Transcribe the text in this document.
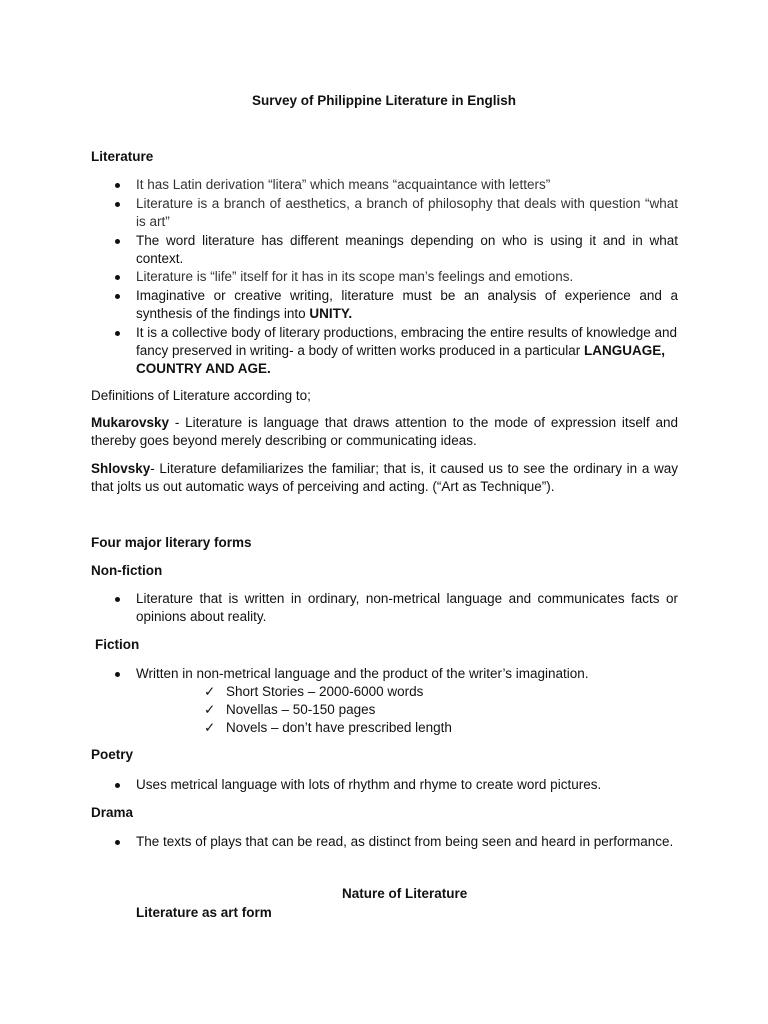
Survey of Philippine Literature in English
Literature
It has Latin derivation “litera” which means “acquaintance with letters”
Literature is a branch of aesthetics, a branch of philosophy that deals with question “what is art”
The word literature has different meanings depending on who is using it and in what context.
Literature is “life” itself for it has in its scope man’s feelings and emotions.
Imaginative or creative writing, literature must be an analysis of experience and a synthesis of the findings into UNITY.
It is a collective body of literary productions, embracing the entire results of knowledge and fancy preserved in writing- a body of written works produced in a particular LANGUAGE, COUNTRY AND AGE.
Definitions of Literature according to;
Mukarovsky - Literature is language that draws attention to the mode of expression itself and thereby goes beyond merely describing or communicating ideas.
Shlovsky- Literature defamiliarizes the familiar; that is, it caused us to see the ordinary in a way that jolts us out automatic ways of perceiving and acting. (“Art as Technique”).
Four major literary forms
Non-fiction
Literature that is written in ordinary, non-metrical language and communicates facts or opinions about reality.
Fiction
Written in non-metrical language and the product of the writer’s imagination.
✓ Short Stories – 2000-6000 words
✓ Novellas – 50-150 pages
✓ Novels – don’t have prescribed length
Poetry
Uses metrical language with lots of rhythm and rhyme to create word pictures.
Drama
The texts of plays that can be read, as distinct from being seen and heard in performance.
Nature of Literature
Literature as art form
